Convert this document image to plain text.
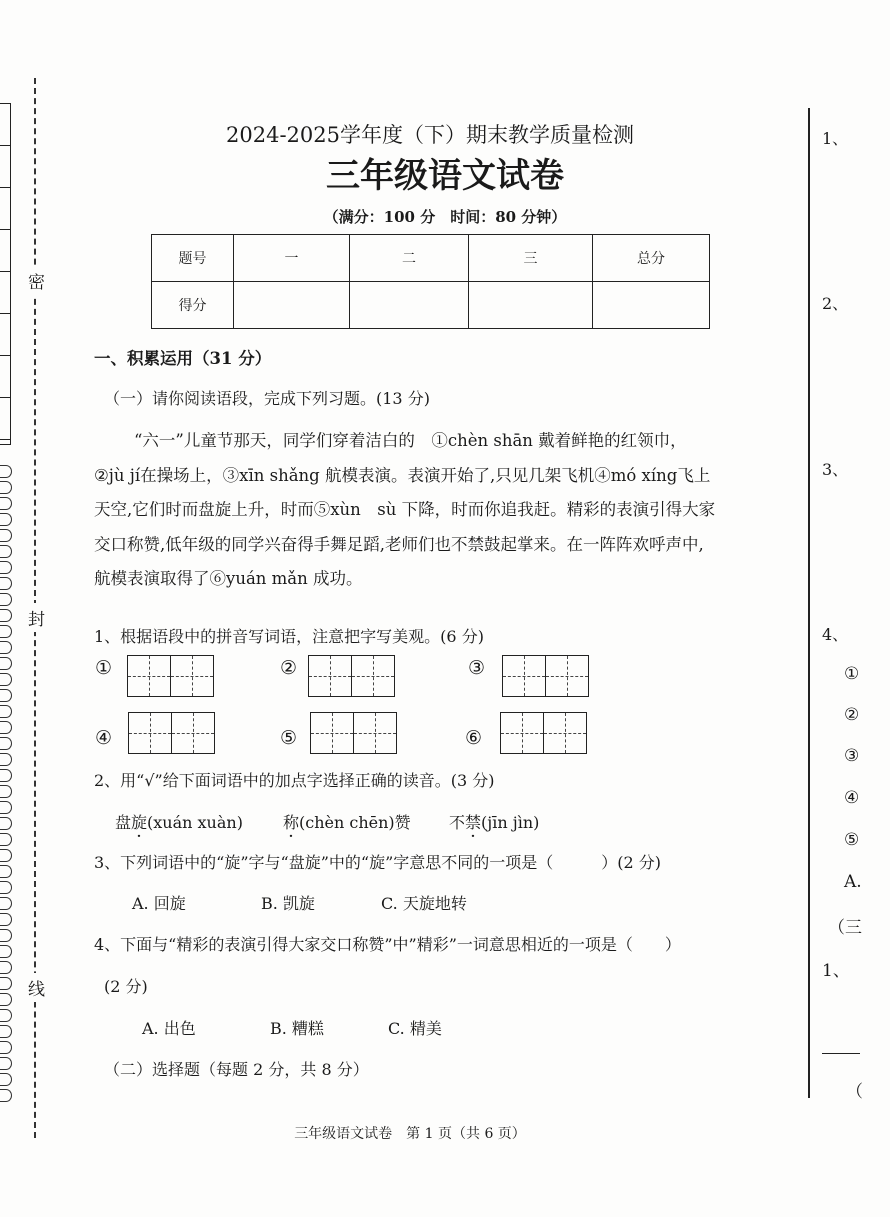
密
封
线
1、
2、
3、
4、
①
②
③
④
⑤
A.
（三
1、
（
2024-2025学年度（下）期末教学质量检测
三年级语文试卷
（满分：100 分　时间：80 分钟）
题号	一	二	三	总分
得分				
一、积累运用（31 分）
（一）请你阅读语段，完成下列习题。(13 分)
“六一”儿童节那天，同学们穿着洁白的　①chèn shān 戴着鲜艳的红领巾，
②jù jí在操场上，③xīn shǎng 航模表演。表演开始了,只见几架飞机④mó xíng飞上
天空,它们时而盘旋上升，时而⑤xùn　sù 下降，时而你追我赶。精彩的表演引得大家
交口称赞,低年级的同学兴奋得手舞足蹈,老师们也不禁鼓起掌来。在一阵阵欢呼声中,
航模表演取得了⑥yuán mǎn 成功。
1、根据语段中的拼音写词语，注意把字写美观。(6 分)
①	②	③
④	⑤	⑥
2、用“√”给下面词语中的加点字选择正确的读音。(3 分)
盘旋(xuán xuàn)	称(chèn chēn)赞 不禁(jīn jìn)
3、下列词语中的“旋”字与“盘旋”中的“旋”字意思不同的一项是（　　　）(2 分)
A. 回旋	B. 凯旋	C. 天旋地转
4、下面与“精彩的表演引得大家交口称赞”中”精彩”一词意思相近的一项是（　　）
(2 分)
A. 出色	B. 糟糕	C. 精美
（二）选择题（每题 2 分，共 8 分）
三年级语文试卷　第 1 页（共 6 页）
